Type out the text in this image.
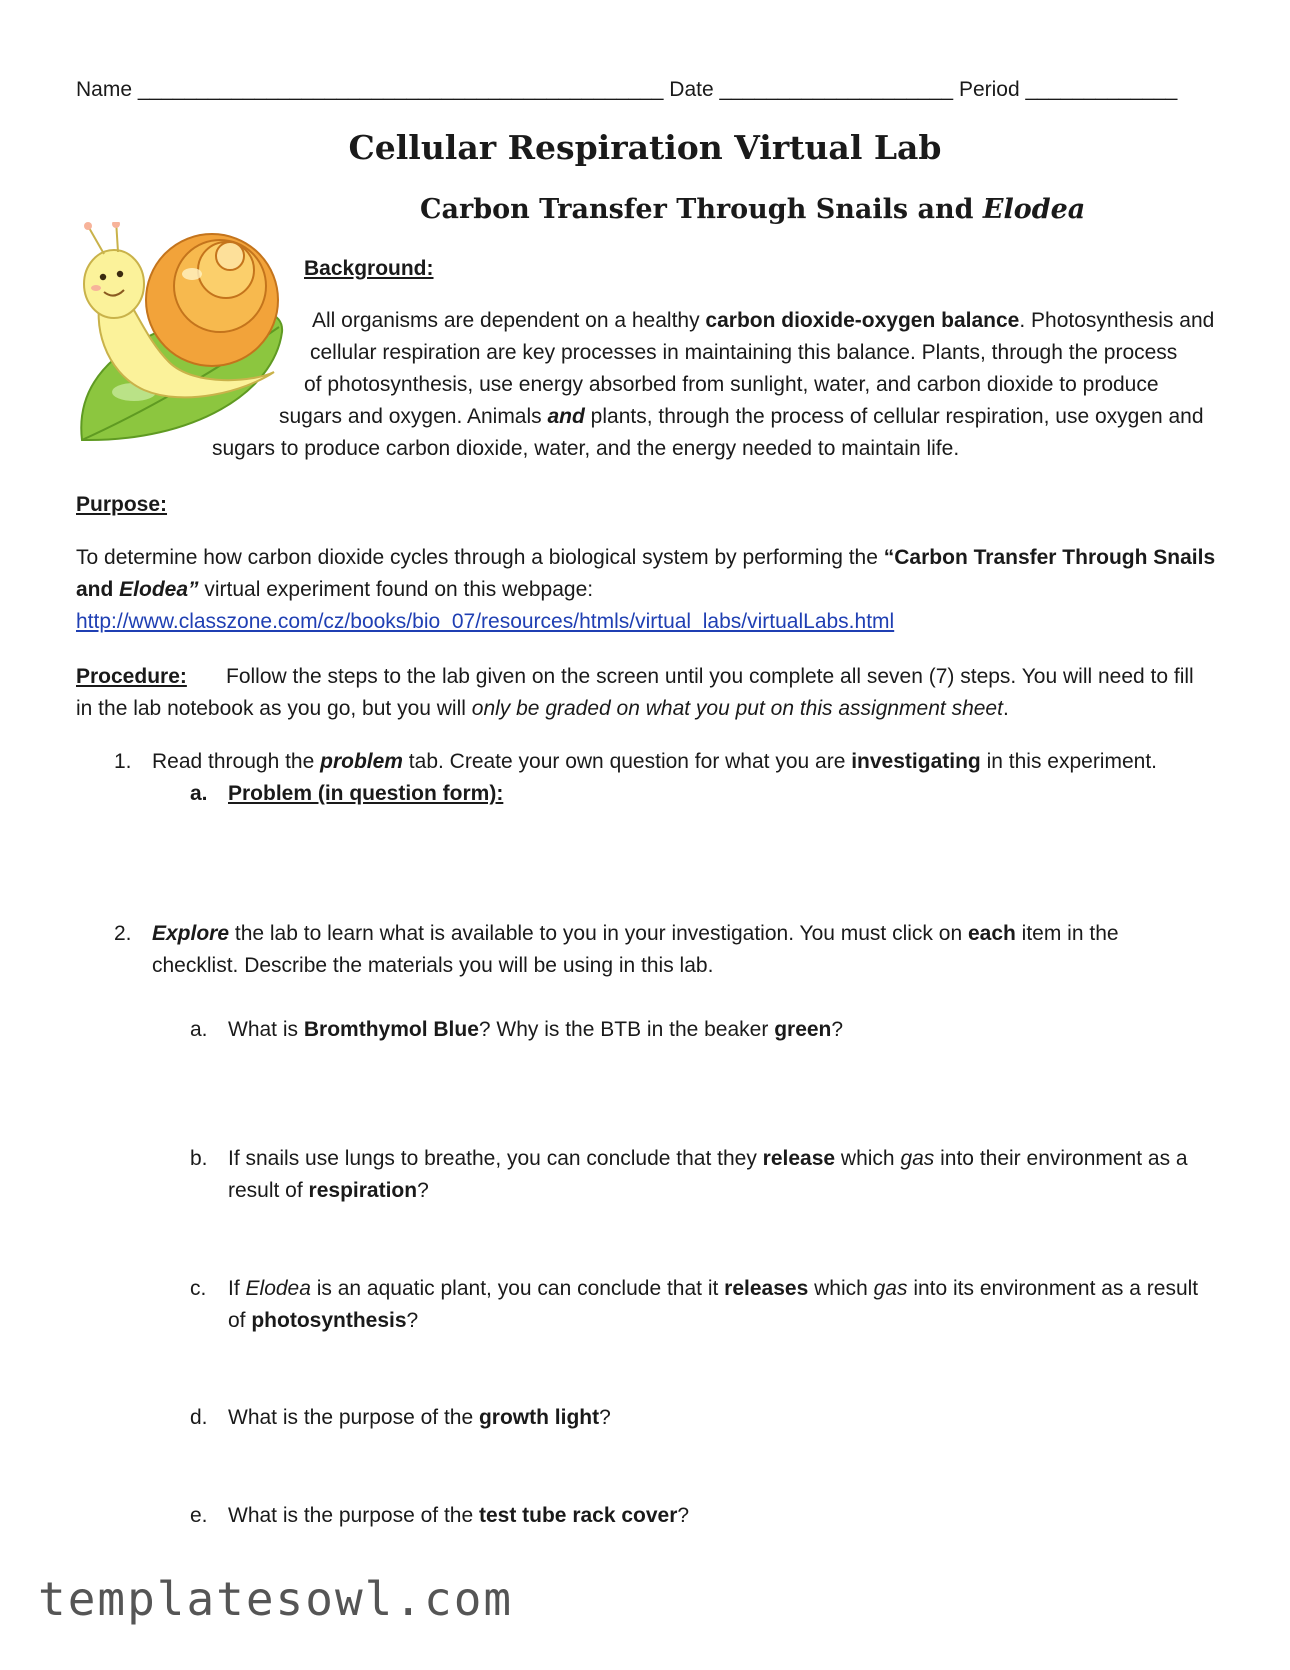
Name _____________________________________________ Date ____________________ Period _____________
Cellular Respiration Virtual Lab
Carbon Transfer Through Snails and Elodea
Background:
All organisms are dependent on a healthy carbon dioxide-oxygen balance. Photosynthesis and
cellular respiration are key processes in maintaining this balance. Plants, through the process
of photosynthesis, use energy absorbed from sunlight, water, and carbon dioxide to produce
sugars and oxygen. Animals and plants, through the process of cellular respiration, use oxygen and
sugars to produce carbon dioxide, water, and the energy needed to maintain life.
Purpose:
To determine how carbon dioxide cycles through a biological system by performing the “Carbon Transfer Through Snails
and Elodea” virtual experiment found on this webpage:
http://www.classzone.com/cz/books/bio_07/resources/htmls/virtual_labs/virtualLabs.html
Procedure: Follow the steps to the lab given on the screen until you complete all seven (7) steps. You will need to fill
in the lab notebook as you go, but you will only be graded on what you put on this assignment sheet.
1. Read through the problem tab. Create your own question for what you are investigating in this experiment.
a. Problem (in question form):
2. Explore the lab to learn what is available to you in your investigation. You must click on each item in the
checklist. Describe the materials you will be using in this lab.
a. What is Bromthymol Blue? Why is the BTB in the beaker green?
b. If snails use lungs to breathe, you can conclude that they release which gas into their environment as a
result of respiration?
c. If Elodea is an aquatic plant, you can conclude that it releases which gas into its environment as a result
of photosynthesis?
d. What is the purpose of the growth light?
e. What is the purpose of the test tube rack cover?
templatesowl.com
